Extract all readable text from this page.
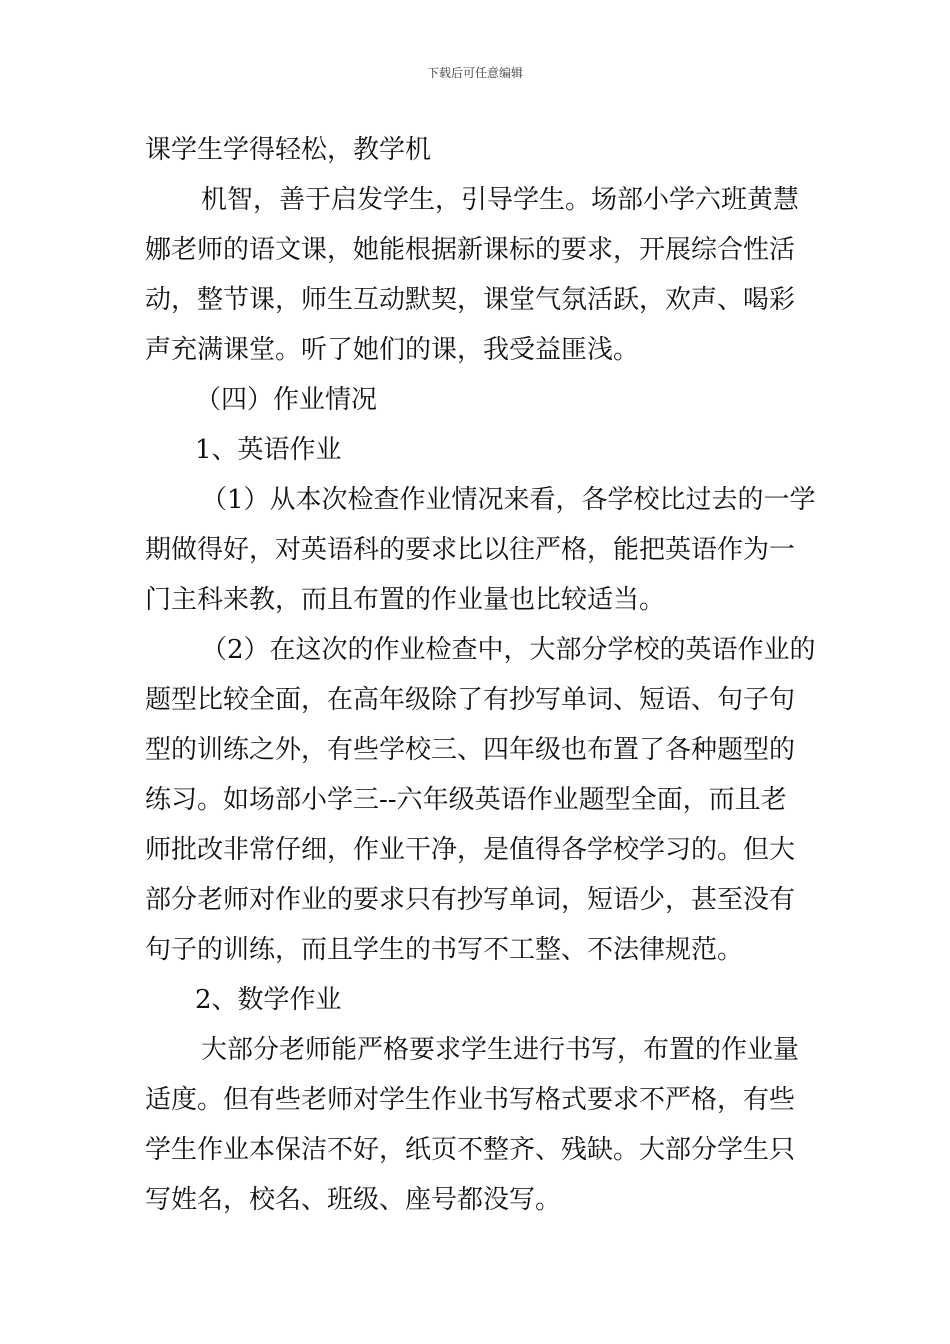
下载后可任意编辑
课学生学得轻松，教学机
机智，善于启发学生，引导学生。场部小学六班黄慧
娜老师的语文课，她能根据新课标的要求，开展综合性活
动，整节课，师生互动默契，课堂气氛活跃，欢声、喝彩
声充满课堂。听了她们的课，我受益匪浅。
（四）作业情况
1、英语作业
（1）从本次检查作业情况来看，各学校比过去的一学
期做得好，对英语科的要求比以往严格，能把英语作为一
门主科来教，而且布置的作业量也比较适当。
（2）在这次的作业检查中，大部分学校的英语作业的
题型比较全面，在高年级除了有抄写单词、短语、句子句
型的训练之外，有些学校三、四年级也布置了各种题型的
练习。如场部小学三--六年级英语作业题型全面，而且老
师批改非常仔细，作业干净，是值得各学校学习的。但大
部分老师对作业的要求只有抄写单词，短语少，甚至没有
句子的训练，而且学生的书写不工整、不法律规范。
2、数学作业
大部分老师能严格要求学生进行书写，布置的作业量
适度。但有些老师对学生作业书写格式要求不严格，有些
学生作业本保洁不好，纸页不整齐、残缺。大部分学生只
写姓名，校名、班级、座号都没写。
